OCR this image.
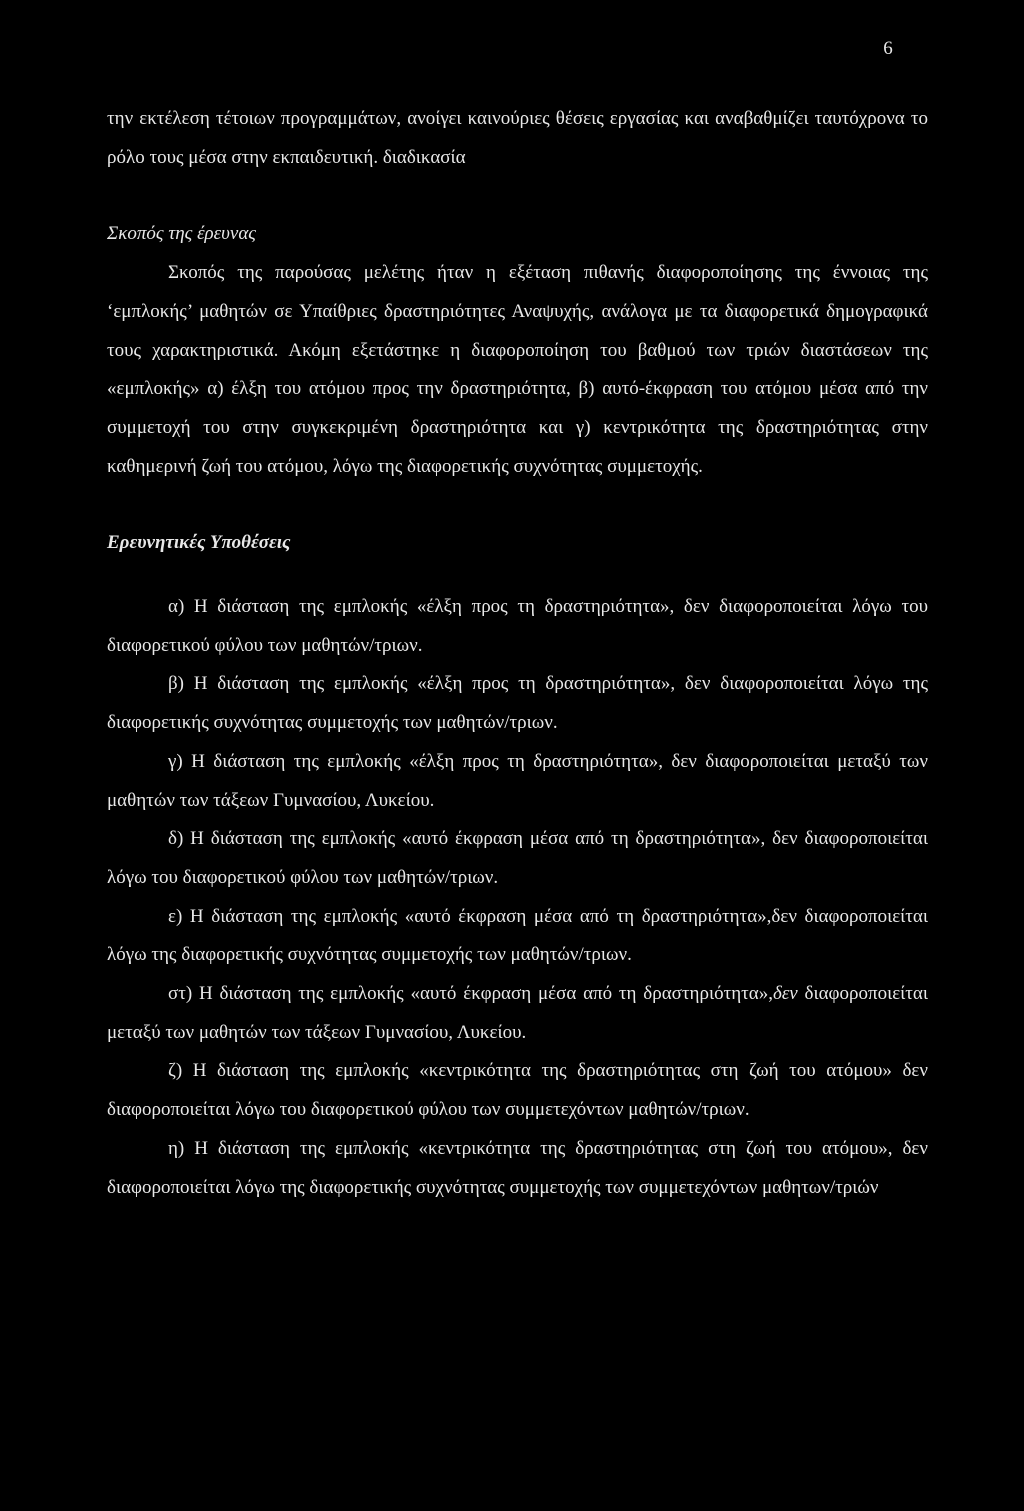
6

την εκτέλεση τέτοιων προγραμμάτων, ανοίγει καινούριες θέσεις εργασίας και αναβαθμίζει ταυτόχρονα το ρόλο τους μέσα στην εκπαιδευτική. διαδικασία

Σκοπός της έρευνας

Σκοπός της παρούσας μελέτης ήταν η εξέταση πιθανής διαφοροποίησης της έννοιας της ‘εμπλοκής’ μαθητών σε Υπαίθριες δραστηριότητες Αναψυχής, ανάλογα με τα διαφορετικά δημογραφικά τους χαρακτηριστικά. Ακόμη εξετάστηκε η διαφοροποίηση του βαθμού των τριών διαστάσεων της «εμπλοκής» α) έλξη του ατόμου προς την δραστηριότητα, β) αυτό-έκφραση του ατόμου μέσα από την συμμετοχή του στην συγκεκριμένη δραστηριότητα και γ) κεντρικότητα της δραστηριότητας στην καθημερινή ζωή του ατόμου, λόγω της διαφορετικής συχνότητας συμμετοχής.

Ερευνητικές Υποθέσεις

α) Η διάσταση της εμπλοκής «έλξη προς τη δραστηριότητα», δεν διαφοροποιείται λόγω του διαφορετικού φύλου των μαθητών/τριων.

β) Η διάσταση της εμπλοκής «έλξη προς τη δραστηριότητα», δεν διαφοροποιείται λόγω της διαφορετικής συχνότητας συμμετοχής των μαθητών/τριων.

γ) Η διάσταση της εμπλοκής «έλξη προς τη δραστηριότητα», δεν διαφοροποιείται μεταξύ των μαθητών των τάξεων Γυμνασίου, Λυκείου.

δ) Η διάσταση της εμπλοκής «αυτό έκφραση μέσα από τη δραστηριότητα», δεν διαφοροποιείται λόγω του διαφορετικού φύλου των μαθητών/τριων.

ε) Η διάσταση της εμπλοκής «αυτό έκφραση μέσα από τη δραστηριότητα»,δεν διαφοροποιείται λόγω της διαφορετικής συχνότητας συμμετοχής των μαθητών/τριων.

στ) Η διάσταση της εμπλοκής «αυτό έκφραση μέσα από τη δραστηριότητα»,δεν διαφοροποιείται μεταξύ των μαθητών των τάξεων Γυμνασίου, Λυκείου.

ζ) Η διάσταση της εμπλοκής «κεντρικότητα της δραστηριότητας στη ζωή του ατόμου» δεν διαφοροποιείται λόγω του διαφορετικού φύλου των συμμετεχόντων μαθητών/τριων.

η) Η διάσταση της εμπλοκής «κεντρικότητα της δραστηριότητας στη ζωή του ατόμου», δεν διαφοροποιείται λόγω της διαφορετικής συχνότητας συμμετοχής των συμμετεχόντων μαθητων/τριών
